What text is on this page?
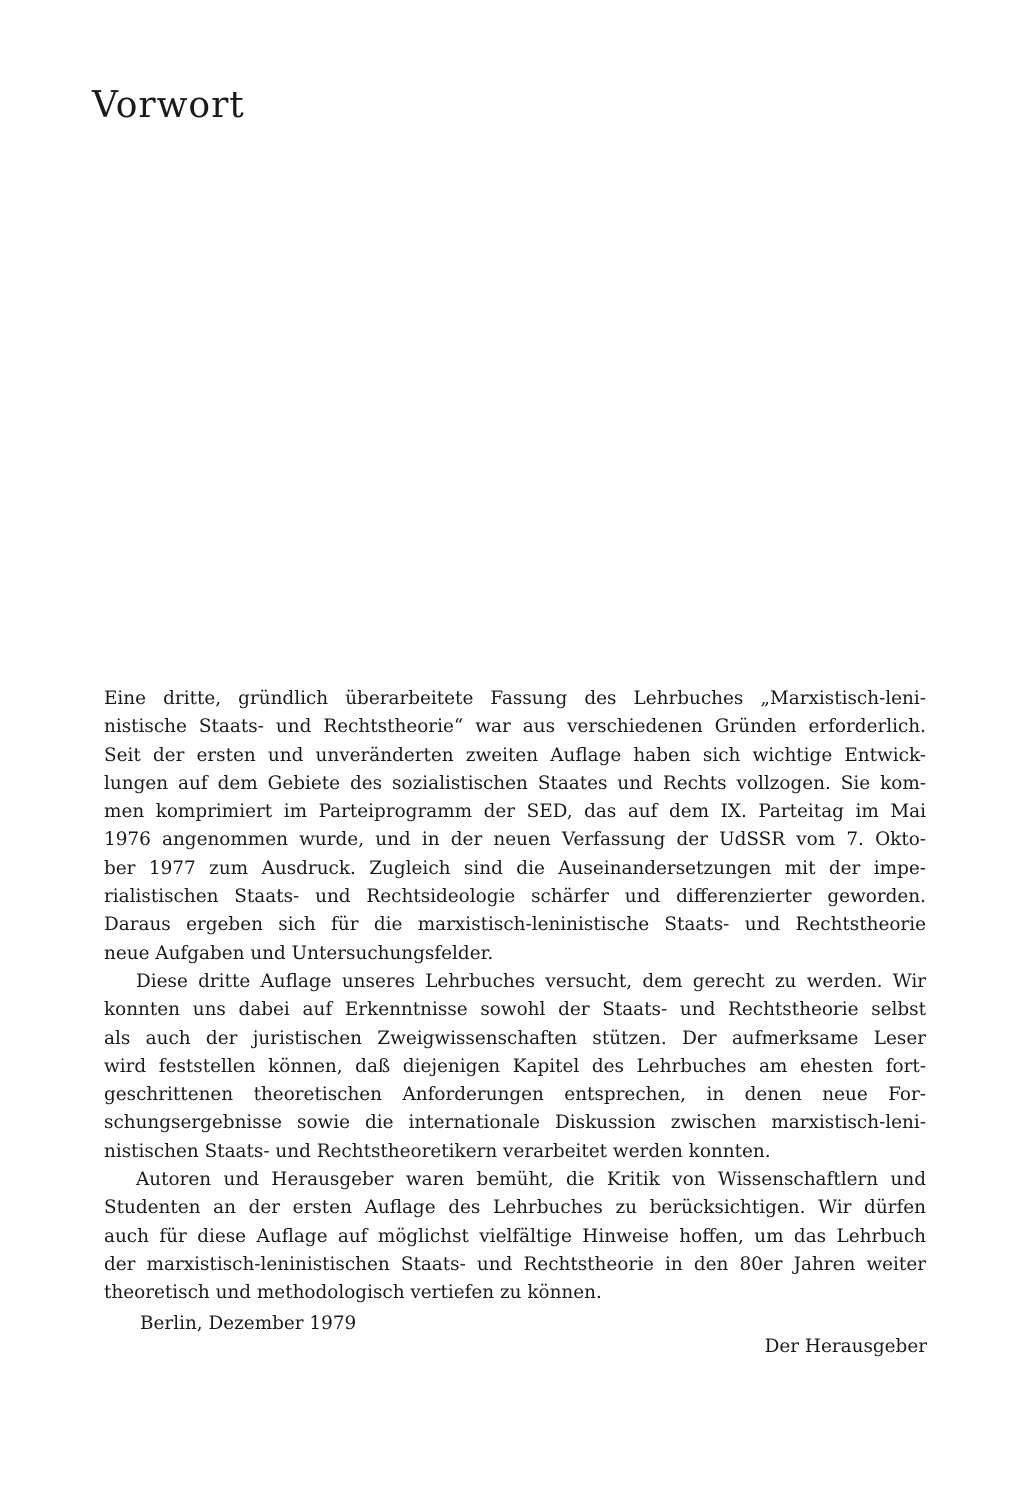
Vorwort
Eine dritte, gründlich überarbeitete Fassung des Lehrbuches „Marxistisch-leni-
nistische Staats- und Rechtstheorie“ war aus verschiedenen Gründen erforderlich.
Seit der ersten und unveränderten zweiten Auflage haben sich wichtige Entwick-
lungen auf dem Gebiete des sozialistischen Staates und Rechts vollzogen. Sie kom-
men komprimiert im Parteiprogramm der SED, das auf dem IX. Parteitag im Mai
1976 angenommen wurde, und in der neuen Verfassung der UdSSR vom 7. Okto-
ber 1977 zum Ausdruck. Zugleich sind die Auseinandersetzungen mit der impe-
rialistischen Staats- und Rechtsideologie schärfer und differenzierter geworden.
Daraus ergeben sich für die marxistisch-leninistische Staats- und Rechtstheorie
neue Aufgaben und Untersuchungsfelder.
Diese dritte Auflage unseres Lehrbuches versucht, dem gerecht zu werden. Wir
konnten uns dabei auf Erkenntnisse sowohl der Staats- und Rechtstheorie selbst
als auch der juristischen Zweigwissenschaften stützen. Der aufmerksame Leser
wird feststellen können, daß diejenigen Kapitel des Lehrbuches am ehesten fort-
geschrittenen theoretischen Anforderungen entsprechen, in denen neue For-
schungsergebnisse sowie die internationale Diskussion zwischen marxistisch-leni-
nistischen Staats- und Rechtstheoretikern verarbeitet werden konnten.
Autoren und Herausgeber waren bemüht, die Kritik von Wissenschaftlern und
Studenten an der ersten Auflage des Lehrbuches zu berücksichtigen. Wir dürfen
auch für diese Auflage auf möglichst vielfältige Hinweise hoffen, um das Lehrbuch
der marxistisch-leninistischen Staats- und Rechtstheorie in den 80er Jahren weiter
theoretisch und methodologisch vertiefen zu können.
Berlin, Dezember 1979
Der Herausgeber
